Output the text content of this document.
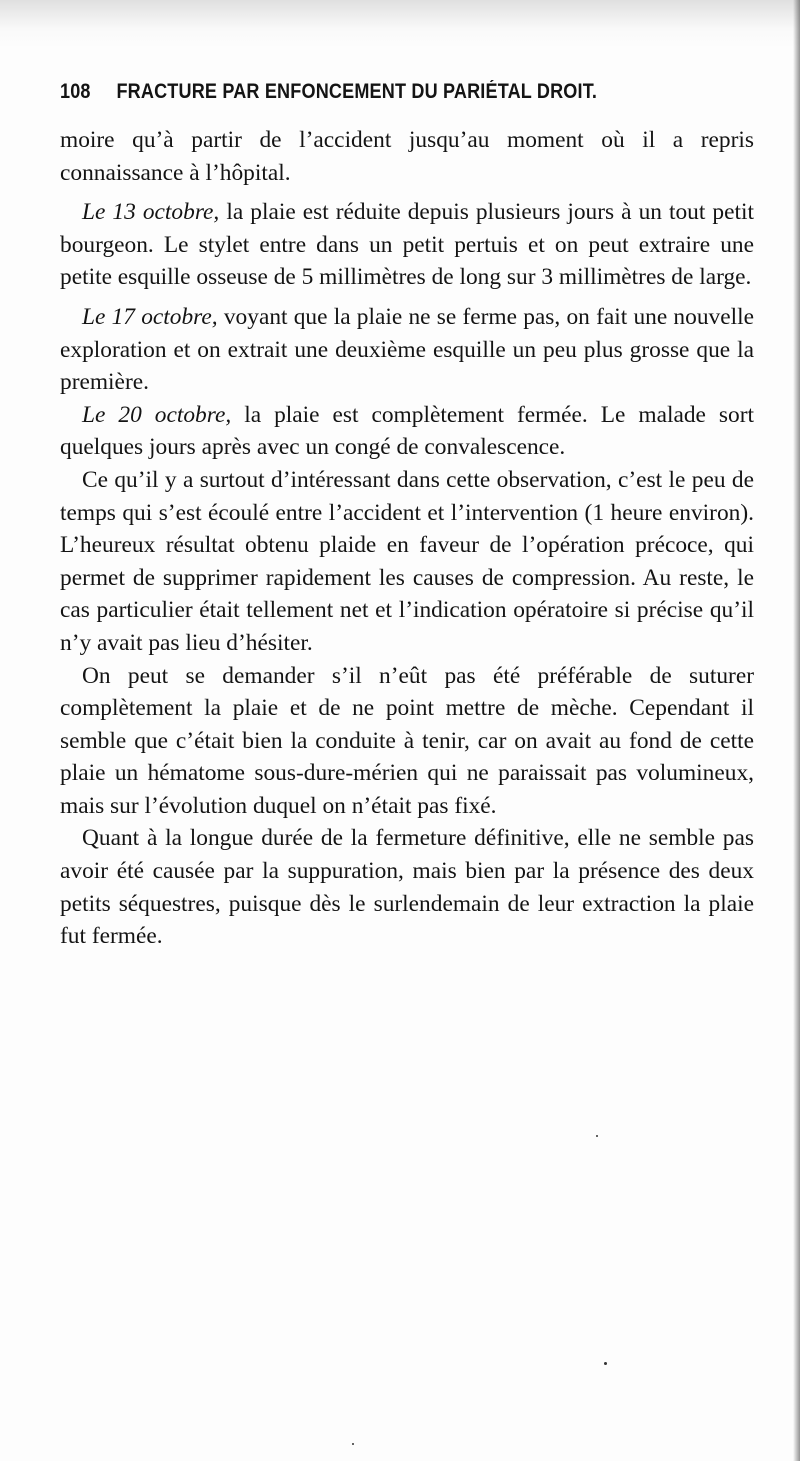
108 FRACTURE PAR ENFONCEMENT DU PARIÉTAL DROIT.

moire qu’à partir de l’accident jusqu’au moment où il a repris connaissance à l’hôpital.

Le 13 octobre, la plaie est réduite depuis plusieurs jours à un tout petit bourgeon. Le stylet entre dans un petit pertuis et on peut extraire une petite esquille osseuse de 5 millimètres de long sur 3 millimètres de large.

Le 17 octobre, voyant que la plaie ne se ferme pas, on fait une nouvelle exploration et on extrait une deuxième esquille un peu plus grosse que la première.

Le 20 octobre, la plaie est complètement fermée. Le malade sort quelques jours après avec un congé de convalescence.

Ce qu’il y a surtout d’intéressant dans cette observation, c’est le peu de temps qui s’est écoulé entre l’accident et l’intervention (1 heure environ). L’heureux résultat obtenu plaide en faveur de l’opération précoce, qui permet de supprimer rapidement les causes de compression. Au reste, le cas particulier était tellement net et l’indication opératoire si précise qu’il n’y avait pas lieu d’hésiter.

On peut se demander s’il n’eût pas été préférable de suturer complètement la plaie et de ne point mettre de mèche. Cependant il semble que c’était bien la conduite à tenir, car on avait au fond de cette plaie un hématome sous-dure-mérien qui ne paraissait pas volumineux, mais sur l’évolution duquel on n’était pas fixé.

Quant à la longue durée de la fermeture définitive, elle ne semble pas avoir été causée par la suppuration, mais bien par la présence des deux petits séquestres, puisque dès le surlendemain de leur extraction la plaie fut fermée.
